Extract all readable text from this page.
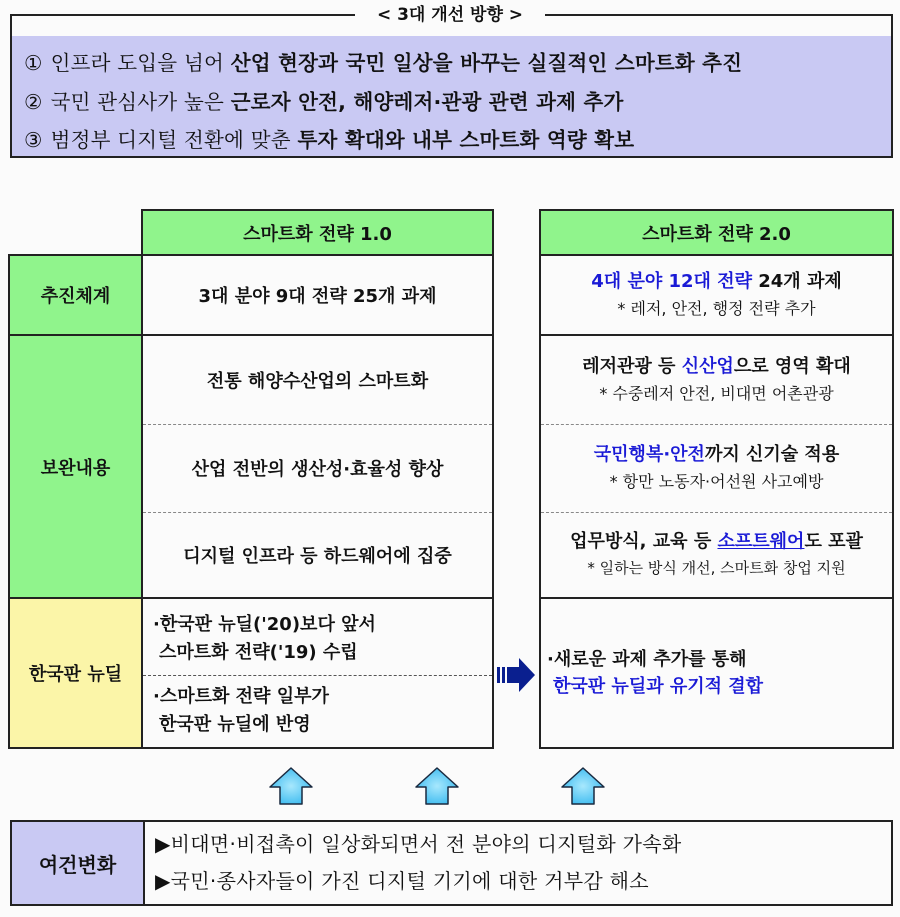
① 인프라 도입을 넘어 산업 현장과 국민 일상을 바꾸는 실질적인 스마트화 추진
② 국민 관심사가 높은 근로자 안전, 해양레저·관광 관련 과제 추가
③ 범정부 디지털 전환에 맞춘 투자 확대와 내부 스마트화 역량 확보
< 3대 개선 방향 >
스마트화 전략 1.0	스마트화 전략 2.0
추진체계
보완내용
한국판 뉴딜
3대 분야 9대 전략 25개 과제
전통 해양수산업의 스마트화
산업 전반의 생산성·효율성 향상
디지털 인프라 등 하드웨어에 집중
·한국판 뉴딜('20)보다 앞서
스마트화 전략('19) 수립
·스마트화 전략 일부가
한국판 뉴딜에 반영
4대 분야 12대 전략 24개 과제
* 레저, 안전, 행정 전략 추가
레저관광 등 신산업으로 영역 확대
* 수중레저 안전, 비대면 어촌관광
국민행복·안전까지 신기술 적용
* 항만 노동자·어선원 사고예방
업무방식, 교육 등 소프트웨어도 포괄
* 일하는 방식 개선, 스마트화 창업 지원
·새로운 과제 추가를 통해
한국판 뉴딜과 유기적 결합
여건변화
▶비대면·비접촉이 일상화되면서 전 분야의 디지털화 가속화
▶국민·종사자들이 가진 디지털 기기에 대한 거부감 해소
